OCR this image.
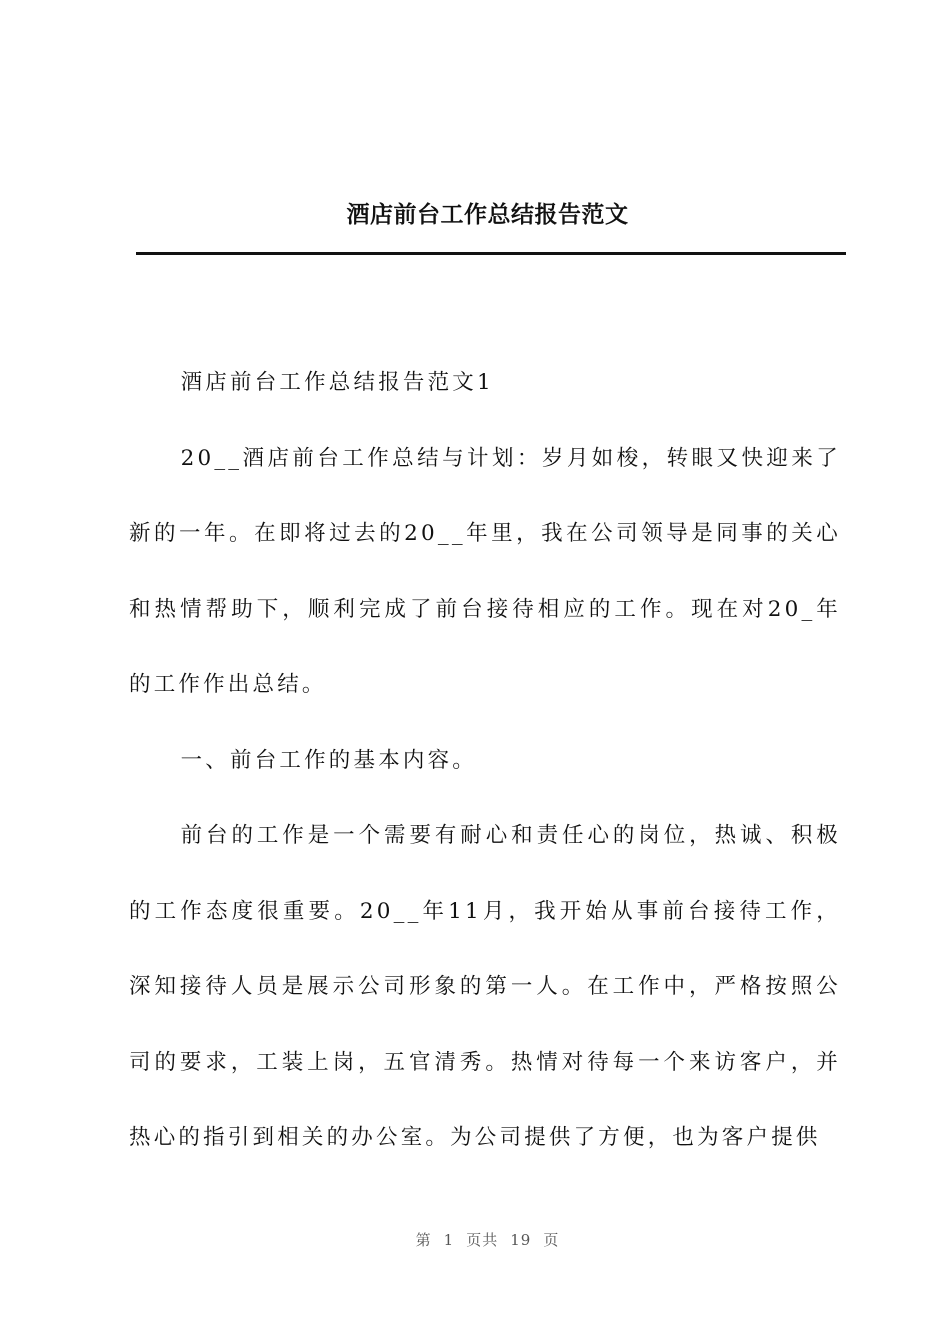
酒店前台工作总结报告范文

酒店前台工作总结报告范文1

20__酒店前台工作总结与计划：岁月如梭，转眼又快迎来了新的一年。在即将过去的20__年里，我在公司领导是同事的关心和热情帮助下，顺利完成了前台接待相应的工作。现在对20_年的工作作出总结。

一、前台工作的基本内容。

前台的工作是一个需要有耐心和责任心的岗位，热诚、积极的工作态度很重要。20__年11月，我开始从事前台接待工作，深知接待人员是展示公司形象的第一人。在工作中，严格按照公司的要求，工装上岗，五官清秀。热情对待每一个来访客户，并热心的指引到相关的办公室。为公司提供了方便，也为客户提供

第 1 页共 19 页
